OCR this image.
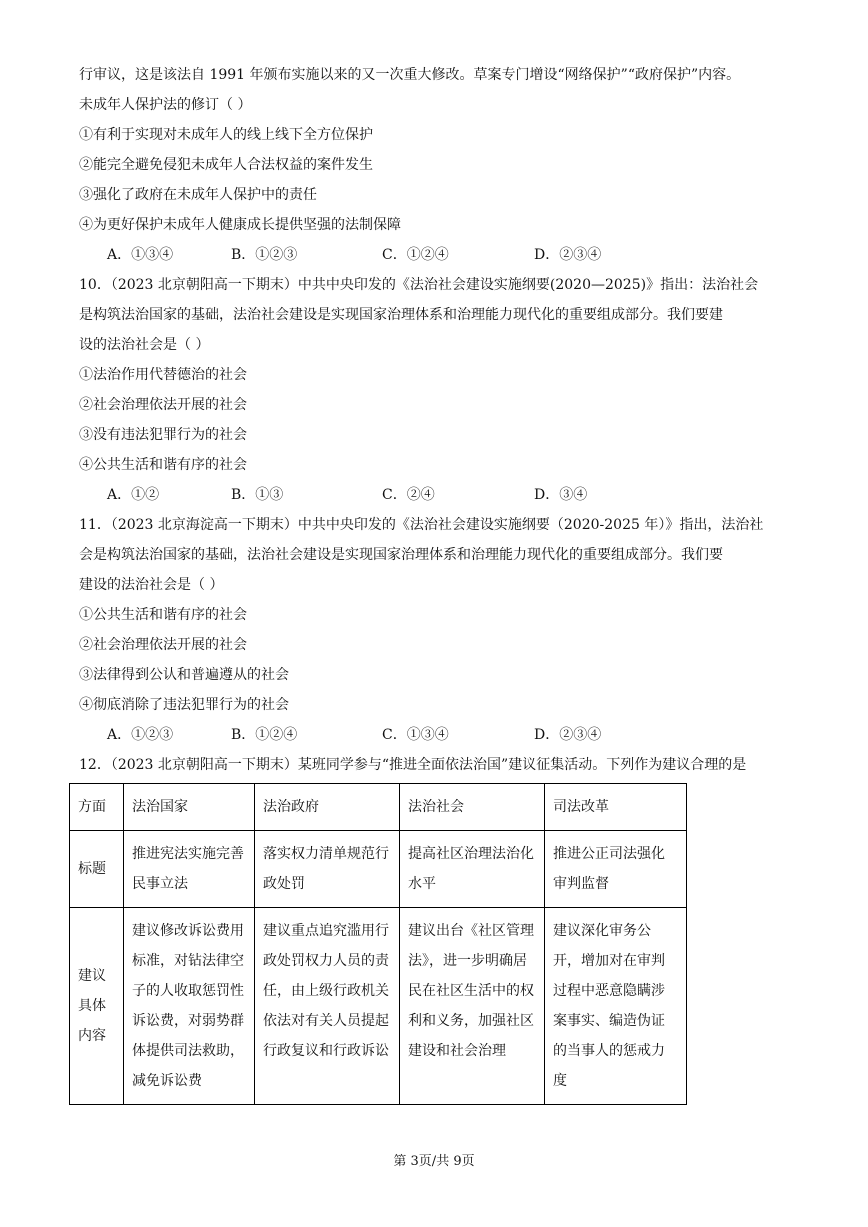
行审议，这是该法自 1991 年颁布实施以来的又一次重大修改。草案专门增设“网络保护”“政府保护”内容。
未成年人保护法的修订（ ）
①有利于实现对未成年人的线上线下全方位保护
②能完全避免侵犯未成年人合法权益的案件发生
③强化了政府在未成年人保护中的责任
④为更好保护未成年人健康成长提供坚强的法制保障
A．①③④	B．①②③	C．①②④	D．②③④
10．（2023 北京朝阳高一下期末）中共中央印发的《法治社会建设实施纲要(2020—2025)》指出：法治社会
是构筑法治国家的基础，法治社会建设是实现国家治理体系和治理能力现代化的重要组成部分。我们要建
设的法治社会是（ ）
①法治作用代替德治的社会
②社会治理依法开展的社会
③没有违法犯罪行为的社会
④公共生活和谐有序的社会
A．①②	B．①③	C．②④	D．③④
11．（2023 北京海淀高一下期末）中共中央印发的《法治社会建设实施纲要（2020-2025 年）》指出，法治社
会是构筑法治国家的基础，法治社会建设是实现国家治理体系和治理能力现代化的重要组成部分。我们要
建设的法治社会是（ ）
①公共生活和谐有序的社会
②社会治理依法开展的社会
③法律得到公认和普遍遵从的社会
④彻底消除了违法犯罪行为的社会
A．①②③	B．①②④	C．①③④	D．②③④
12．（2023 北京朝阳高一下期末）某班同学参与“推进全面依法治国”建议征集活动。下列作为建议合理的是
方面	法治国家	法治政府	法治社会	司法改革
标题	推进宪法实施完善民事立法	落实权力清单规范行政处罚	提高社区治理法治化水平	推进公正司法强化审判监督
建议具体内容	建议修改诉讼费用标准，对钻法律空子的人收取惩罚性诉讼费，对弱势群体提供司法救助，减免诉讼费	建议重点追究滥用行政处罚权力人员的责任，由上级行政机关依法对有关人员提起行政复议和行政诉讼	建议出台《社区管理法》，进一步明确居民在社区生活中的权利和义务，加强社区建设和社会治理	建议深化审务公开，增加对在审判过程中恶意隐瞒涉案事实、编造伪证的当事人的惩戒力度
第 3页/共 9页
